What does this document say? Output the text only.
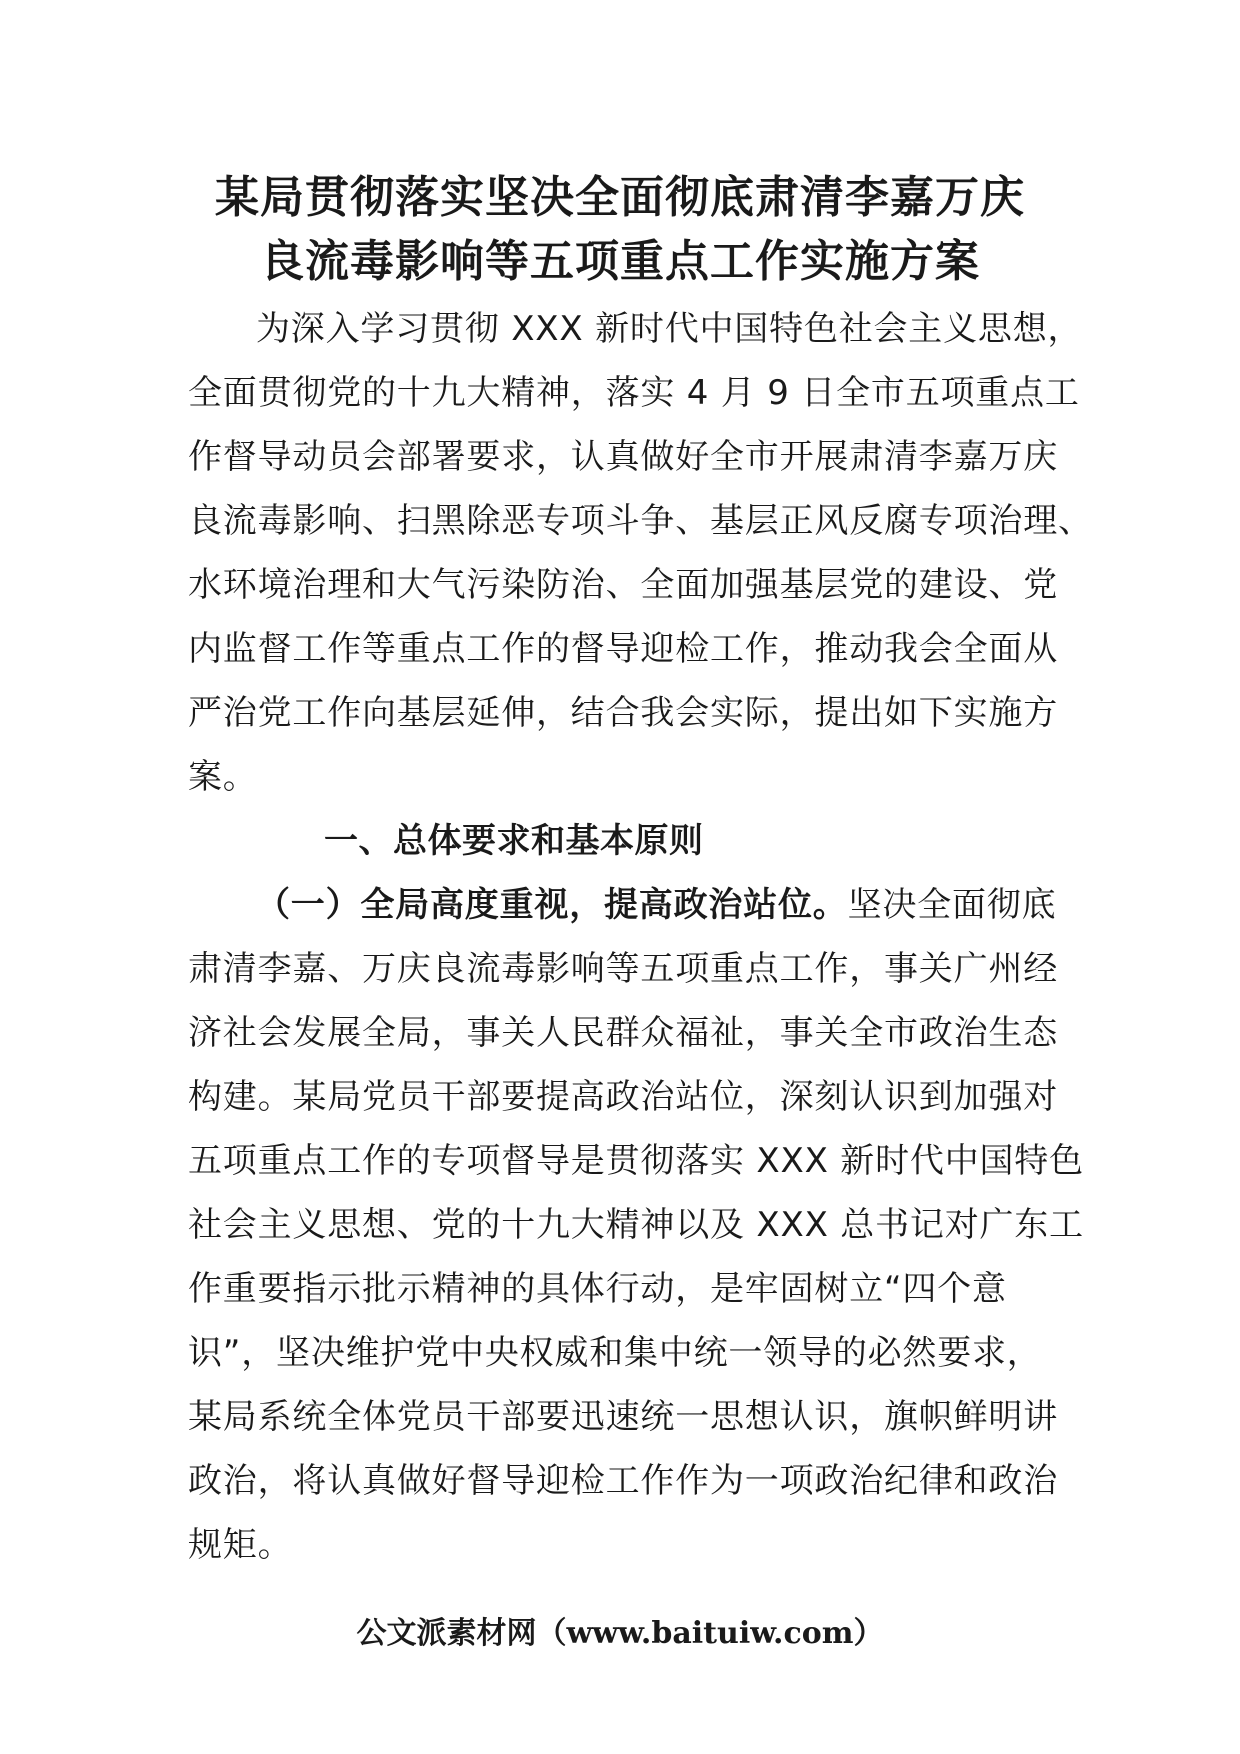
某局贯彻落实坚决全面彻底肃清李嘉万庆
良流毒影响等五项重点工作实施方案
为深入学习贯彻 XXX 新时代中国特色社会主义思想，
全面贯彻党的十九大精神，落实 4 月 9 日全市五项重点工
作督导动员会部署要求，认真做好全市开展肃清李嘉万庆
良流毒影响、扫黑除恶专项斗争、基层正风反腐专项治理、
水环境治理和大气污染防治、全面加强基层党的建设、党
内监督工作等重点工作的督导迎检工作，推动我会全面从
严治党工作向基层延伸，结合我会实际，提出如下实施方
案。
一、总体要求和基本原则
（一）全局高度重视，提高政治站位。坚决全面彻底
肃清李嘉、万庆良流毒影响等五项重点工作，事关广州经
济社会发展全局，事关人民群众福祉，事关全市政治生态
构建。某局党员干部要提高政治站位，深刻认识到加强对
五项重点工作的专项督导是贯彻落实 XXX 新时代中国特色
社会主义思想、党的十九大精神以及 XXX 总书记对广东工
作重要指示批示精神的具体行动，是牢固树立“四个意
识”，坚决维护党中央权威和集中统一领导的必然要求，
某局系统全体党员干部要迅速统一思想认识，旗帜鲜明讲
政治，将认真做好督导迎检工作作为一项政治纪律和政治
规矩。
公文派素材网（www.baituiw.com）
